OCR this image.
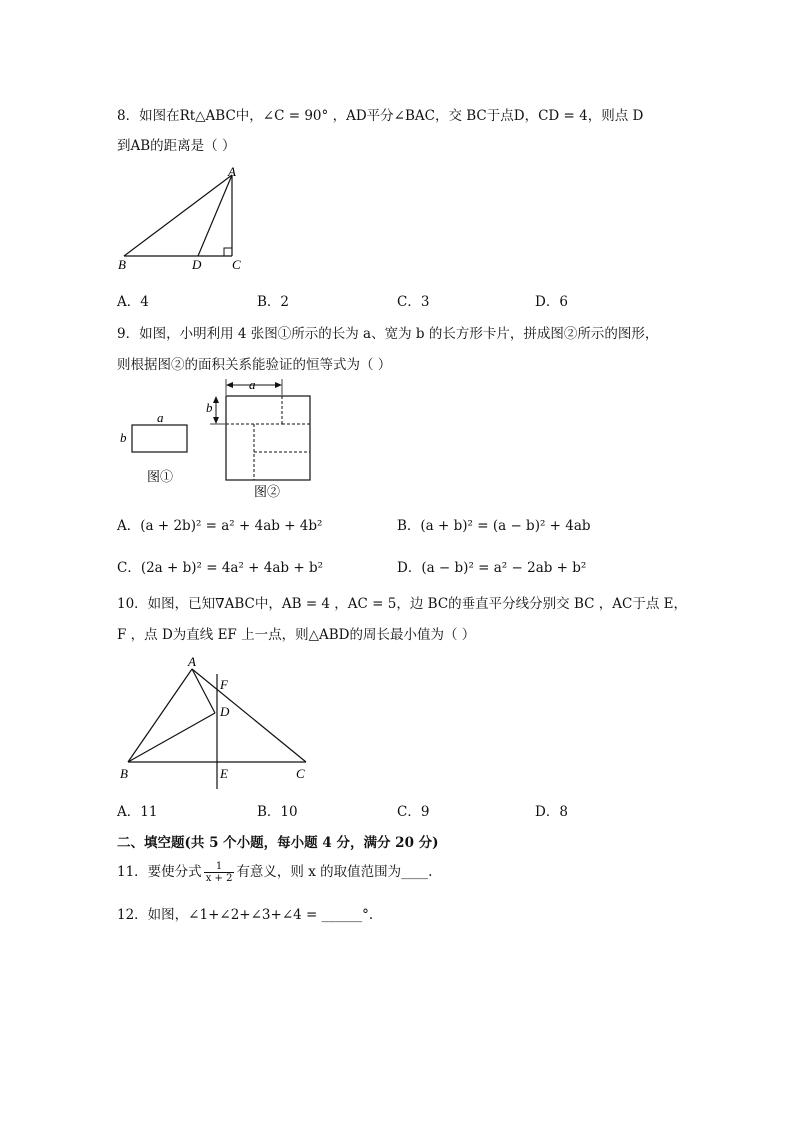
8．如图在Rt△ABC中，∠C = 90° ，AD平分∠BAC，交 BC于点D，CD = 4，则点 D
到AB的距离是（ ）
A
B	D C
A．4	B．2	C．3	D．6
9．如图，小明利用 4 张图①所示的长为 a、宽为 b 的长方形卡片，拼成图②所示的图形，
则根据图②的面积关系能验证的恒等式为（ ）
a
b
图①
a
b
图②
A．(a + 2b)² = a² + 4ab + 4b²	B．(a + b)² = (a − b)² + 4ab
C．(2a + b)² = 4a² + 4ab + b²	D．(a − b)² = a² − 2ab + b²
10．如图，已知∇ABC中，AB = 4 ，AC = 5，边 BC的垂直平分线分别交 BC ，AC于点 E，
F ，点 D为直线 EF 上一点，则△ABD的周长最小值为（ ）
A
F
D
B	E	C
A．11	B．10	C．9	D．8
二、填空题(共 5 个小题，每小题 4 分，满分 20 分)
11．要使分式 $\frac{1}{x + 2}$ 有意义，则 x 的取值范围为____.
12．如图，∠1+∠2+∠3+∠4 = ______°.
